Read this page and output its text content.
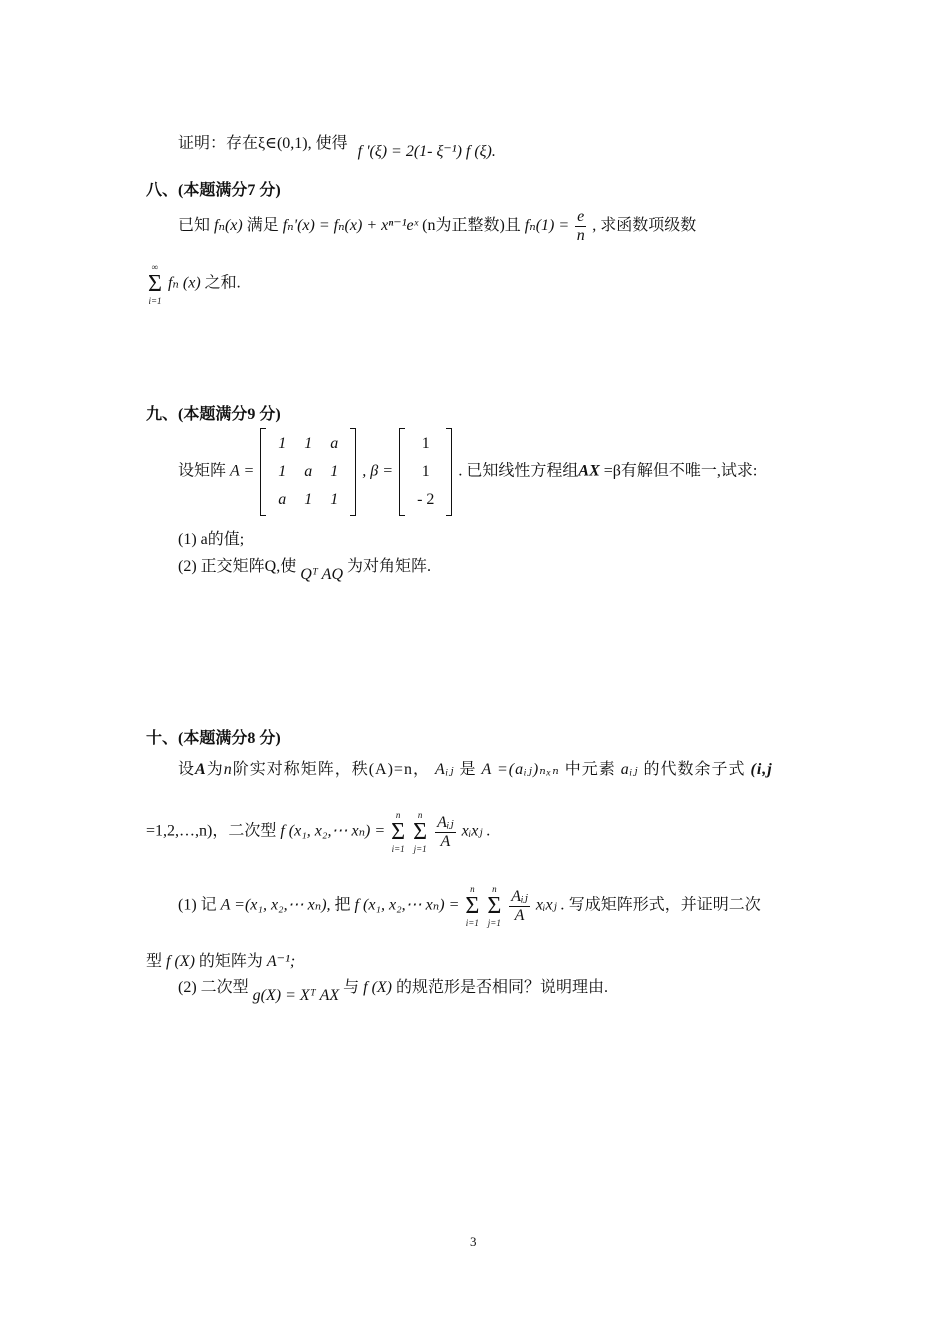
证明：存在ξ∈(0,1), 使得 f '(ξ) = 2(1- ξ⁻¹) f (ξ).
八、(本题满分7 分)
已知 fₙ(x) 满足 fₙ'(x) = fₙ(x) + xⁿ⁻¹eˣ (n为正整数)且 $f_n(1) = \frac{e}{n}$ , 求函数项级数
∞
Σ
i=1
fₙ (x) 之和.
九、(本题满分9 分)
设矩阵 A =
1	1	a
1	a	1
a	1	1
, β =
1
1
- 2
. 已知线性方程组AX =β有解但不唯一,试求:
(1) a的值;
(2) 正交矩阵Q,使 Qᵀ AQ 为对角矩阵.
十、(本题满分8 分)
设A为n阶实对称矩阵，秩(A)=n， Aᵢⱼ 是 A =(aᵢⱼ)ₙₓₙ 中元素 aᵢⱼ 的代数余子式 (i,j
=1,2,…,n)，二次型 f (x₁, x₂,⋯ xₙ) =
n
Σ
i=1

n
Σ
j=1
$\frac{\text{Aᵢⱼ}}{A}$ xᵢxⱼ .
(1) 记 A =(x₁, x₂,⋯ xₙ), 把 f (x₁, x₂,⋯ xₙ) =
n
Σ
i=1

n
Σ
j=1
$\frac{\text{Aᵢⱼ}}{A}$ xᵢxⱼ . 写成矩阵形式，并证明二次
型 f (X) 的矩阵为 A⁻¹;
(2) 二次型 g(X) = Xᵀ AX 与 f (X) 的规范形是否相同？说明理由.
3
